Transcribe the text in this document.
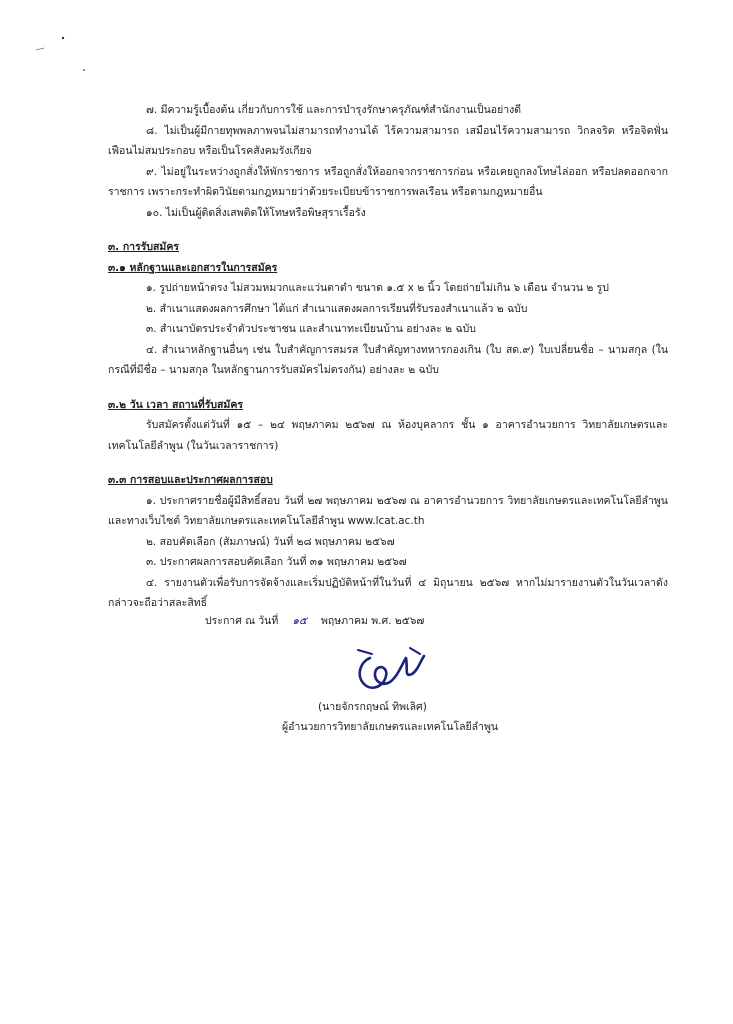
๗. มีความรู้เบื้องต้น เกี่ยวกับการใช้ และการบำรุงรักษาครุภัณฑ์สำนักงานเป็นอย่างดี

๘. ไม่เป็นผู้มีกายทุพพลภาพจนไม่สามารถทำงานได้ ไร้ความสามารถ เสมือนไร้ความสามารถ วิกลจริต หรือจิตฟั่นเฟือนไม่สมประกอบ หรือเป็นโรคสังคมรังเกียจ

๙. ไม่อยู่ในระหว่างถูกสั่งให้พักราชการ หรือถูกสั่งให้ออกจากราชการก่อน หรือเคยถูกลงโทษไล่ออก หรือปลดออกจากราชการ เพราะกระทำผิดวินัยตามกฎหมายว่าด้วยระเบียบข้าราชการพลเรือน หรือตามกฎหมายอื่น

๑๐. ไม่เป็นผู้ติดสิ่งเสพติดให้โทษหรือพิษสุราเรื้อรัง

๓. การรับสมัคร

๓.๑ หลักฐานและเอกสารในการสมัคร

๑. รูปถ่ายหน้าตรง ไม่สวมหมวกและแว่นตาดำ ขนาด ๑.๕ x ๒ นิ้ว โดยถ่ายไม่เกิน ๖ เดือน จำนวน ๒ รูป

๒. สำเนาแสดงผลการศึกษา ได้แก่ สำเนาแสดงผลการเรียนที่รับรองสำเนาแล้ว ๒ ฉบับ

๓. สำเนาบัตรประจำตัวประชาชน และสำเนาทะเบียนบ้าน อย่างละ ๒ ฉบับ

๔. สำเนาหลักฐานอื่นๆ เช่น ใบสำคัญการสมรส ใบสำคัญทางทหารกองเกิน (ใบ สด.๙) ใบเปลี่ยนชื่อ – นามสกุล (ในกรณีที่มีชื่อ – นามสกุล ในหลักฐานการรับสมัครไม่ตรงกัน) อย่างละ ๒ ฉบับ

๓.๒ วัน เวลา สถานที่รับสมัคร

รับสมัครตั้งแต่วันที่ ๑๕ – ๒๔ พฤษภาคม ๒๕๖๗ ณ ห้องบุคลากร ชั้น ๑ อาคารอำนวยการ วิทยาลัยเกษตรและเทคโนโลยีลำพูน (ในวันเวลาราชการ)

๓.๓ การสอบและประกาศผลการสอบ

๑. ประกาศรายชื่อผู้มีสิทธิ์สอบ วันที่ ๒๗ พฤษภาคม ๒๕๖๗ ณ อาคารอำนวยการ วิทยาลัยเกษตรและเทคโนโลยีลำพูน และทางเว็บไซต์ วิทยาลัยเกษตรและเทคโนโลยีลำพูน www.lcat.ac.th

๒. สอบคัดเลือก (สัมภาษณ์) วันที่ ๒๘ พฤษภาคม ๒๕๖๗

๓. ประกาศผลการสอบคัดเลือก วันที่ ๓๑ พฤษภาคม ๒๕๖๗

๔. รายงานตัวเพื่อรับการจัดจ้างและเริ่มปฏิบัติหน้าที่ในวันที่ ๔ มิถุนายน ๒๕๖๗ หากไม่มารายงานตัวในวันเวลาดังกล่าวจะถือว่าสละสิทธิ์

ประกาศ ณ วันที่ ๑๕ พฤษภาคม พ.ศ. ๒๕๖๗
(นายจักรกฤษณ์ ทิพเลิศ)
ผู้อำนวยการวิทยาลัยเกษตรและเทคโนโลยีลำพูน
